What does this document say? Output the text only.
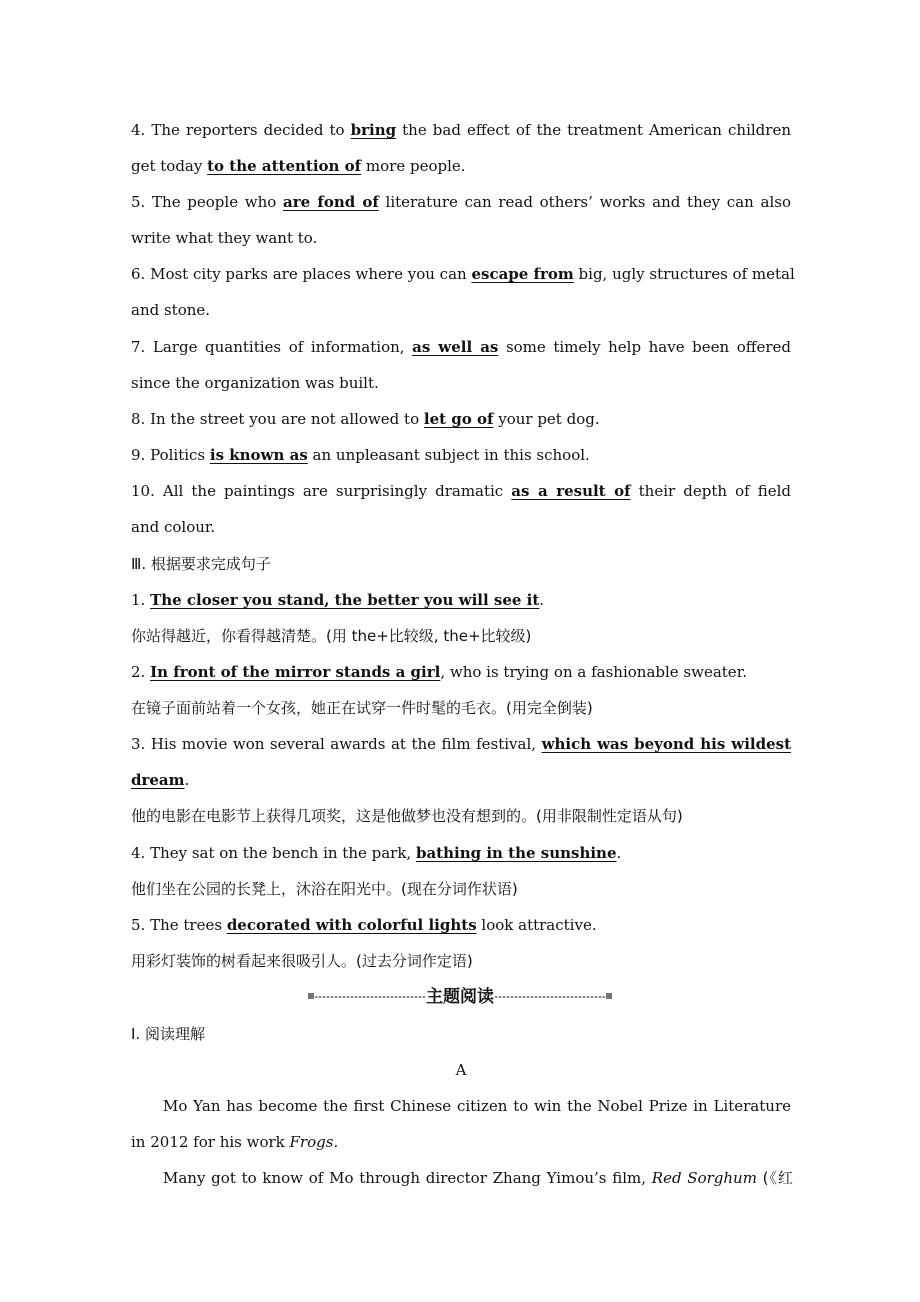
4. The reporters decided to bring the bad effect of the treatment American children
get today to the attention of more people.
5. The people who are fond of literature can read others’ works and they can also
write what they want to.
6. Most city parks are places where you can escape from big, ugly structures of metal
and stone.
7. Large quantities of information, as well as some timely help have been offered
since the organization was built.
8. In the street you are not allowed to let go of your pet dog.
9. Politics is known as an unpleasant subject in this school.
10. All the paintings are surprisingly dramatic as a result of their depth of field
and colour.
Ⅲ. 根据要求完成句子
1. The closer you stand, the better you will see it.
你站得越近，你看得越清楚。(用 the+比较级, the+比较级)
2. In front of the mirror stands a girl, who is trying on a fashionable sweater.
在镜子面前站着一个女孩，她正在试穿一件时髦的毛衣。(用完全倒装)
3. His movie won several awards at the film festival, which was beyond his wildest
dream.
他的电影在电影节上获得几项奖，这是他做梦也没有想到的。(用非限制性定语从句)
4. They sat on the bench in the park, bathing in the sunshine.
他们坐在公园的长凳上，沐浴在阳光中。(现在分词作状语)
5. The trees decorated with colorful lights look attractive.
用彩灯装饰的树看起来很吸引人。(过去分词作定语)
主题阅读
Ⅰ. 阅读理解
A
Mo Yan has become the first Chinese citizen to win the Nobel Prize in Literature
in 2012 for his work Frogs.
Many got to know of Mo through director Zhang Yimou’s film, Red Sorghum (《红
